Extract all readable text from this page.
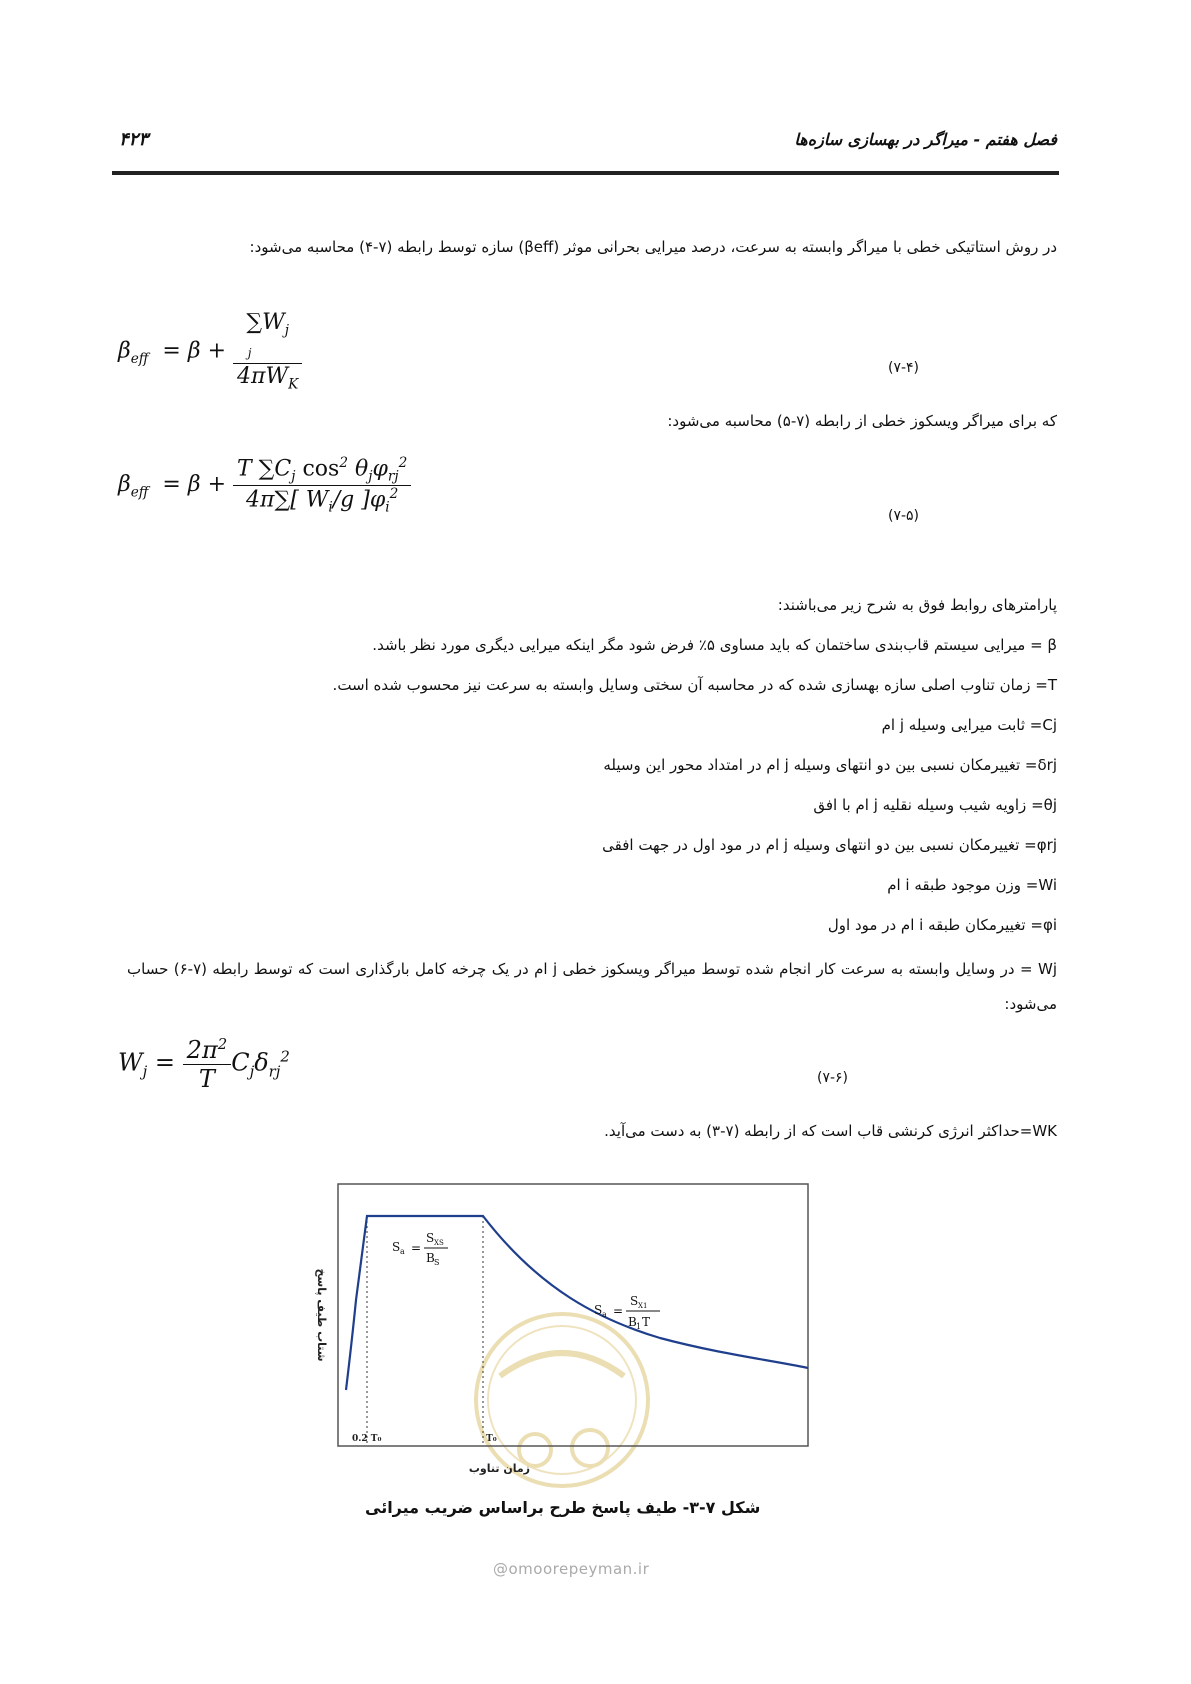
فصل هفتم - میراگر در بهسازی سازه‌ها
۴۲۳
در روش استاتیکی خطی با میراگر وابسته به سرعت، درصد میرایی بحرانی موثر (βeff) سازه توسط رابطه (۷-۴) محاسبه می‌شود:
$\beta_{eff} = \beta$ +
$\sum W_j$
j
$4\pi W_K$
(۷-۴)
که برای میراگر ویسکوز خطی از رابطه (۷-۵) محاسبه می‌شود:
$\beta_{eff} = \beta + \frac{T \sum C_j \cos^2 \theta_j\varphi_{rj}^2}{4\pi\sum[ W_i/g ]\varphi_i^2}$
(۷-۵)
پارامترهای روابط فوق به شرح زیر می‌باشند:
β = میرایی سیستم قاب‌بندی ساختمان که باید مساوی ۵٪ فرض شود مگر اینکه میرایی دیگری مورد نظر باشد.
T= زمان تناوب اصلی سازه بهسازی شده که در محاسبه آن سختی وسایل وابسته به سرعت نیز محسوب شده است.
Cj= ثابت میرایی وسیله j ام
δrj= تغییرمکان نسبی بین دو انتهای وسیله j ام در امتداد محور این وسیله
θj= زاویه شیب وسیله نقلیه j ام با افق
φrj= تغییرمکان نسبی بین دو انتهای وسیله j ام در مود اول در جهت افقی
Wi= وزن موجود طبقه i ام
φi= تغییرمکان طبقه i ام در مود اول
Wj = در وسایل وابسته به سرعت کار انجام شده توسط میراگر ویسکوز خطی j ام در یک چرخه کامل بارگذاری است که توسط رابطه (۷-۶) حساب می‌شود:
$W_j = \frac{2\pi^2}{T} C_j\delta_{rj}^2$
(۷-۶)
WK=حداکثر انرژی کرنشی قاب است که از رابطه (۷-۳) به دست می‌آید.
S a =
S XS
B S
S a =
S X1
B 1 T
0.2 T₀	T₀
زمان تناوب
شتاب طیف پاسخ
شکل ۷-۳- طیف پاسخ طرح براساس ضریب میرائی
@omoorepeyman.ir
